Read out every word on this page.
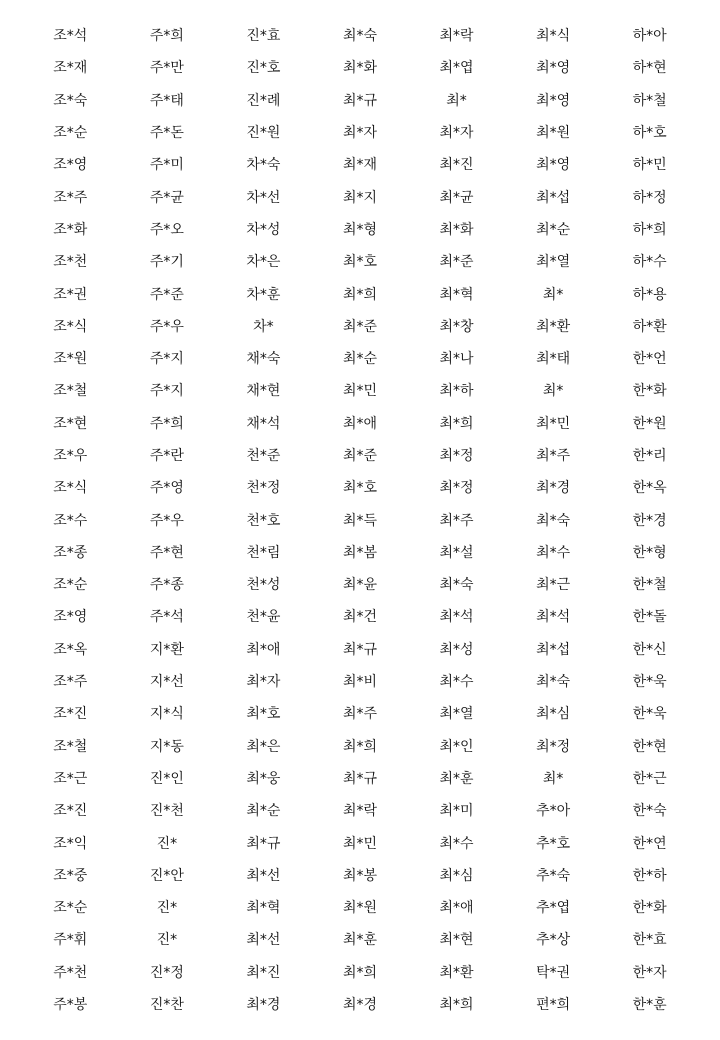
조*석	주*희	진*효	최*숙	최*락	최*식	하*아
조*재	주*만	진*호	최*화	최*엽	최*영	하*현
조*숙	주*태	진*례	최*규	최*	최*영	하*철
조*순	주*돈	진*원	최*자	최*자	최*원	하*호
조*영	주*미	차*숙	최*재	최*진	최*영	하*민
조*주	주*균	차*선	최*지	최*균	최*섭	하*정
조*화	주*오	차*성	최*형	최*화	최*순	하*희
조*천	주*기	차*은	최*호	최*준	최*열	하*수
조*권	주*준	차*훈	최*희	최*혁	최*	하*용
조*식	주*우	차*	최*준	최*창	최*환	하*환
조*원	주*지	채*숙	최*순	최*나	최*태	한*언
조*철	주*지	채*현	최*민	최*하	최*	한*화
조*현	주*희	채*석	최*애	최*희	최*민	한*원
조*우	주*란	천*준	최*준	최*정	최*주	한*리
조*식	주*영	천*정	최*호	최*정	최*경	한*옥
조*수	주*우	천*호	최*득	최*주	최*숙	한*경
조*종	주*현	천*림	최*봄	최*설	최*수	한*형
조*순	주*종	천*성	최*윤	최*숙	최*근	한*철
조*영	주*석	천*윤	최*건	최*석	최*석	한*돌
조*옥	지*환	최*애	최*규	최*성	최*섭	한*신
조*주	지*선	최*자	최*비	최*수	최*숙	한*욱
조*진	지*식	최*호	최*주	최*열	최*심	한*욱
조*철	지*동	최*은	최*희	최*인	최*정	한*현
조*근	진*인	최*웅	최*규	최*훈	최*	한*근
조*진	진*천	최*순	최*락	최*미	추*아	한*숙
조*익	진*	최*규	최*민	최*수	추*호	한*연
조*중	진*안	최*선	최*봉	최*심	추*숙	한*하
조*순	진*	최*혁	최*원	최*애	추*엽	한*화
주*휘	진*	최*선	최*훈	최*현	추*상	한*효
주*천	진*정	최*진	최*희	최*환	탁*권	한*자
주*봉	진*찬	최*경	최*경	최*희	편*희	한*훈
